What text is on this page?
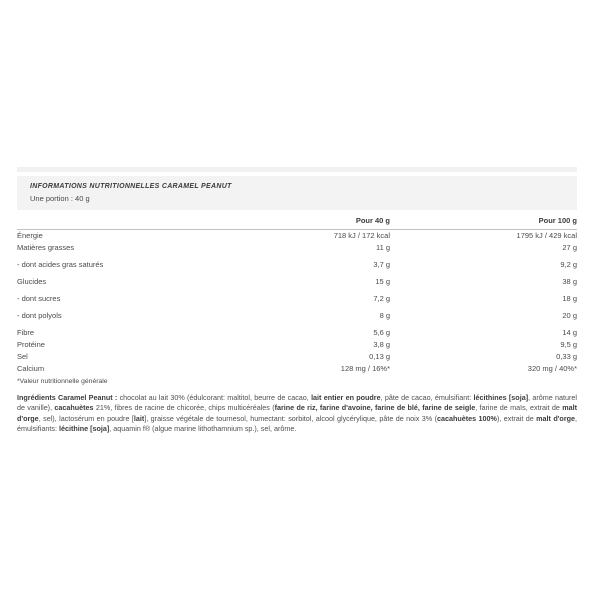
INFORMATIONS NUTRITIONNELLES CARAMEL PEANUT
Une portion : 40 g
Pour 40 g	Pour 100 g
Énergie	718 kJ / 172 kcal	1795 kJ / 429 kcal
Matières grasses	11 g	27 g
- dont acides gras saturés	3,7 g	9,2 g
Glucides	15 g	38 g
- dont sucres	7,2 g	18 g
- dont polyols	8 g	20 g
Fibre	5,6 g	14 g
Protéine	3,8 g	9,5 g
Sel	0,13 g	0,33 g
Calcium	128 mg / 16%*	320 mg / 40%*
*Valeur nutritionnelle générale
Ingrédients Caramel Peanut : chocolat au lait 30% (édulcorant: maltitol, beurre de cacao, lait entier en poudre, pâte de cacao, émulsifiant: lécithines [soja], arôme naturel de vanille), cacahuètes 21%, fibres de racine de chicorée, chips multicéréales (farine de riz, farine d'avoine, farine de blé, farine de seigle, farine de maïs, extrait de malt d'orge, sel), lactosérum en poudre [lait], graisse végétale de tournesol, humectant: sorbitol, alcool glycérylique, pâte de noix 3% (cacahuètes 100%), extrait de malt d'orge, émulsifiants: lécithine [soja], aquamin f® (algue marine lithothamnium sp.), sel, arôme.
